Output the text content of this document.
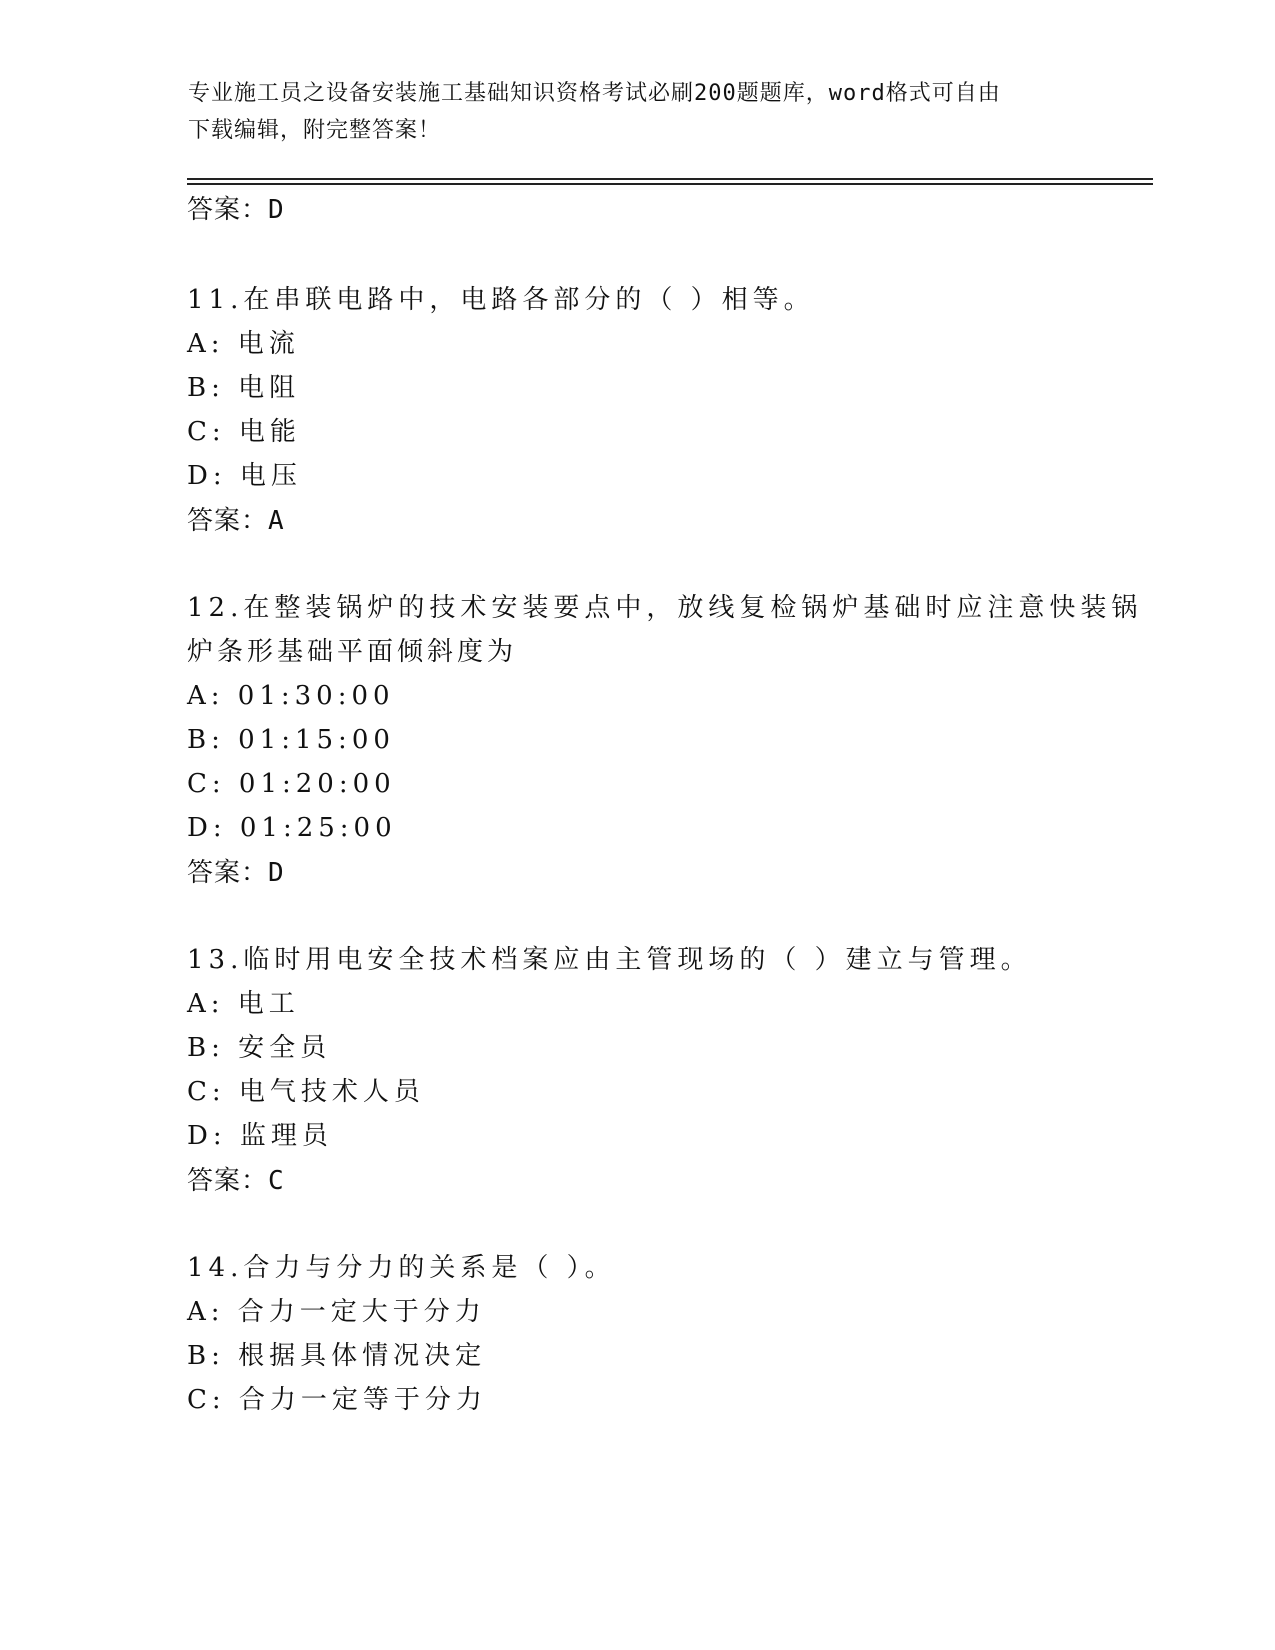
专业施工员之设备安装施工基础知识资格考试必刷200题题库，word格式可自由
下载编辑，附完整答案！
答案：D
11.在串联电路中，电路各部分的（ ）相等。
A: 电流
B: 电阻
C: 电能
D: 电压
答案：A
12.在整装锅炉的技术安装要点中，放线复检锅炉基础时应注意快装锅
炉条形基础平面倾斜度为
A: 01:30:00
B: 01:15:00
C: 01:20:00
D: 01:25:00
答案：D
13.临时用电安全技术档案应由主管现场的（ ）建立与管理。
A: 电工
B: 安全员
C: 电气技术人员
D: 监理员
答案：C
14.合力与分力的关系是（ ）。
A: 合力一定大于分力
B: 根据具体情况决定
C: 合力一定等于分力
